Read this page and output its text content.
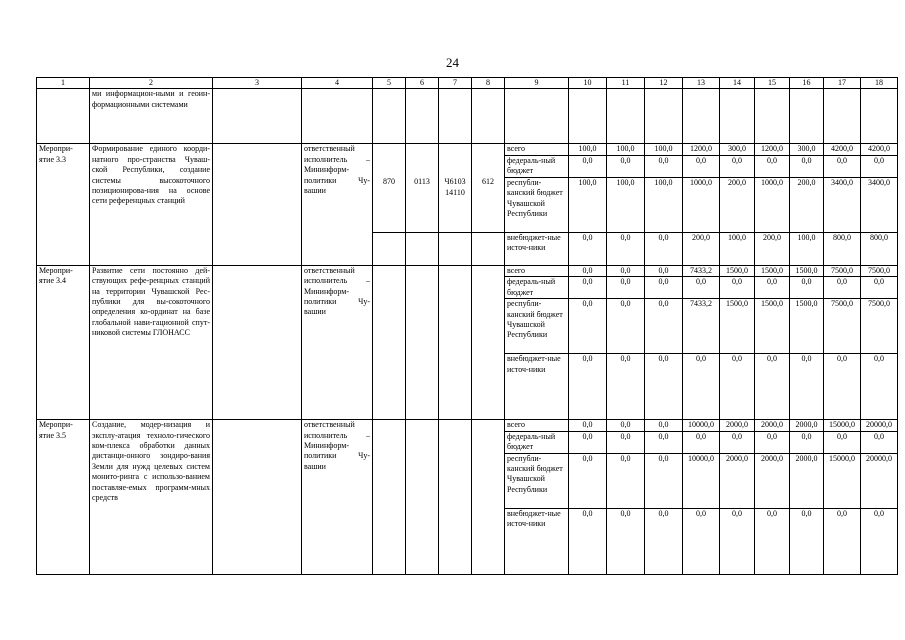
24
1	2	3	4	5	6	7	8	9	10	11	12	13	14	15	16	17	18
	ми информацион-ными и геоин-формационными системами																
Меропри-ятие 3.3	Формирование единого коорди-натного про-странства Чуваш-ской Республики, создание системы высокоточного позиционирова-ния на основе сети референцных станций		ответственный исполнитель – Мининформ-политики Чу-вашии					всего	100,0	100,0	100,0	1200,0	300,0	1200,0	300,0	4200,0	4200,0
								федераль-ный бюджет	0,0	0,0	0,0	0,0	0,0	0,0	0,0	0,0	0,0
				870	0113	Ч6103 14110	612	республи-канский бюджет Чувашской Республики	100,0	100,0	100,0	1000,0	200,0	1000,0	200,0	3400,0	3400,0
								внебюджет-ные источ-ники	0,0	0,0	0,0	200,0	100,0	200,0	100,0	800,0	800,0
Меропри-ятие 3.4	Развитие сети постоянно дей-ствующих рефе-ренцных станций на территории Чувашской Рес-публики для вы-сокоточного определения ко-ординат на базе глобальной нави-гационной спут-никовой системы ГЛОНАСС		ответственный исполнитель – Мининформ-политики Чу-вашии					всего	0,0	0,0	0,0	7433,2	1500,0	1500,0	1500,0	7500,0	7500,0
								федераль-ный бюджет	0,0	0,0	0,0	0,0	0,0	0,0	0,0	0,0	0,0
								республи-канский бюджет Чувашской Республики	0,0	0,0	0,0	7433,2	1500,0	1500,0	1500,0	7500,0	7500,0
								внебюджет-ные источ-ники	0,0	0,0	0,0	0,0	0,0	0,0	0,0	0,0	0,0
Меропри-ятие 3.5	Создание, модер-низация и эксплу-атация техноло-гического ком-плекса обработки данных дистанци-онного зондиро-вания Земли для нужд целевых систем монито-ринга с использо-ванием поставляе-емых программ-мных средств		ответственный исполнитель – Мининформ-политики Чу-вашии					всего	0,0	0,0	0,0	10000,0	2000,0	2000,0	2000,0	15000,0	20000,0
								федераль-ный бюджет	0,0	0,0	0,0	0,0	0,0	0,0	0,0	0,0	0,0
								республи-канский бюджет Чувашской Республики	0,0	0,0	0,0	10000,0	2000,0	2000,0	2000,0	15000,0	20000,0
								внебюджет-ные источ-ники	0,0	0,0	0,0	0,0	0,0	0,0	0,0	0,0	0,0
